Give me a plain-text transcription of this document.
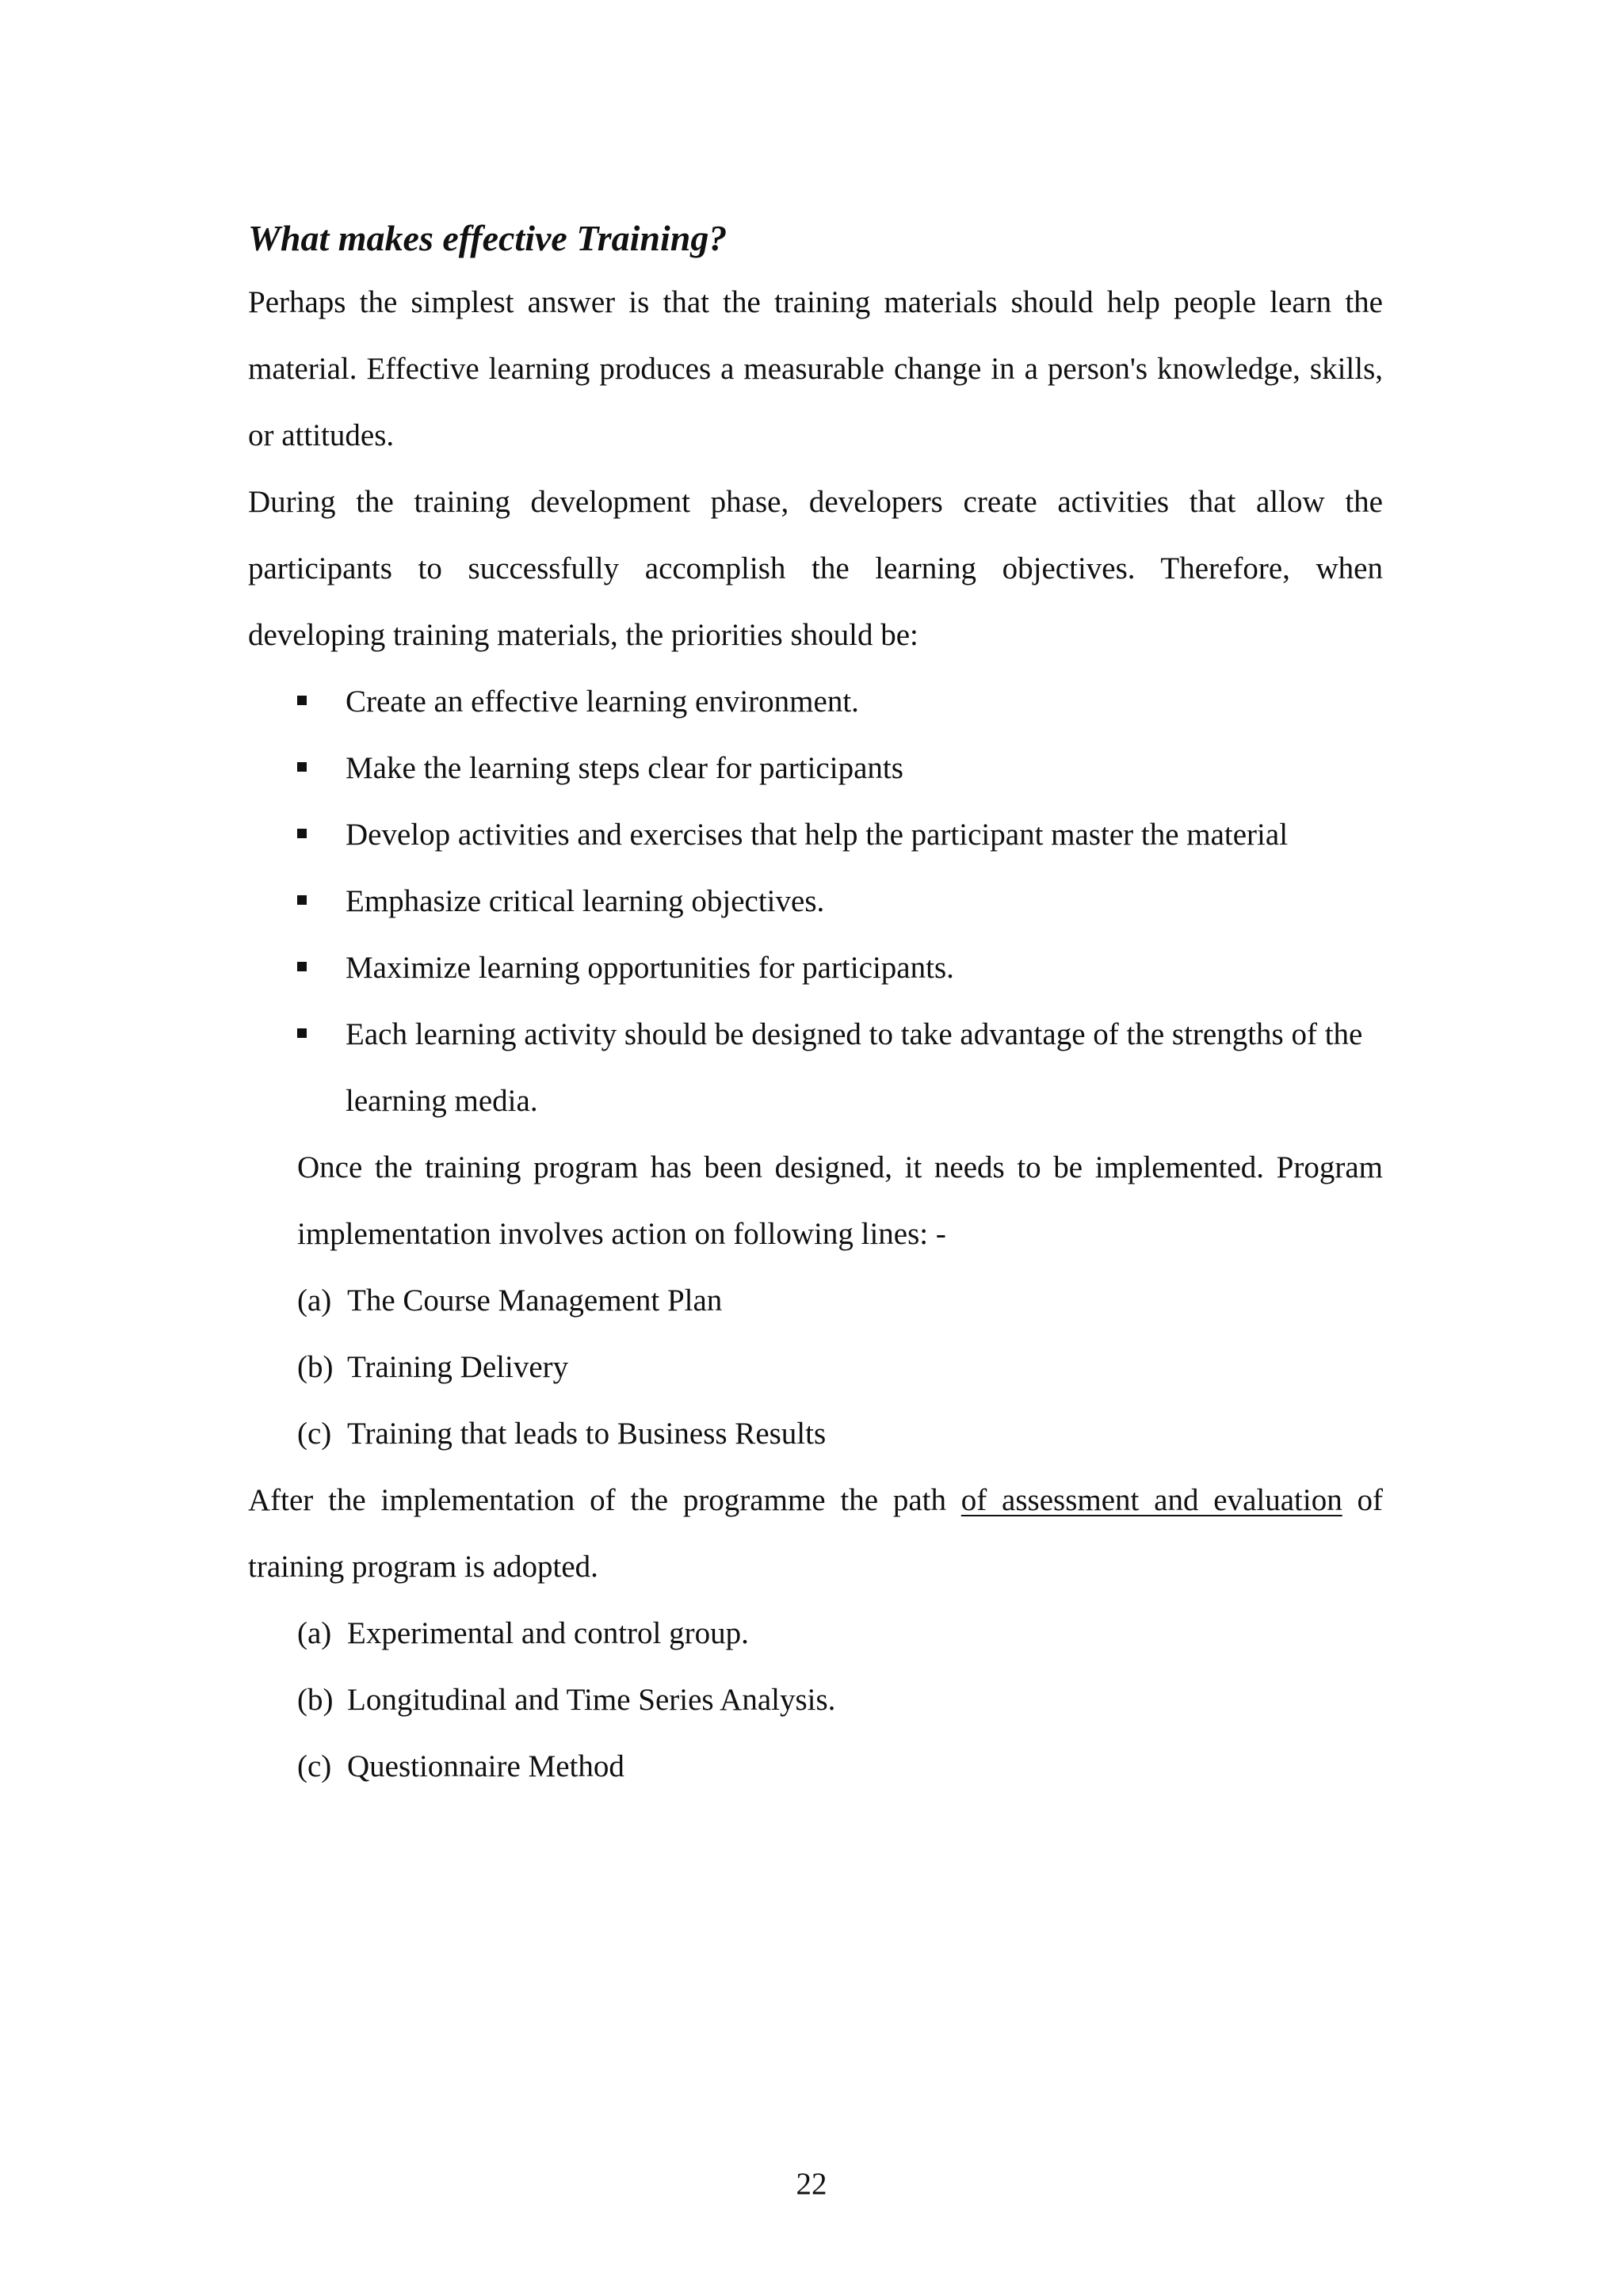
What makes effective Training?

Perhaps the simplest answer is that the training materials should help people learn the material. Effective learning produces a measurable change in a person's knowledge, skills, or attitudes.

During the training development phase, developers create activities that allow the participants to successfully accomplish the learning objectives. Therefore, when developing training materials, the priorities should be:

Create an effective learning environment.
Make the learning steps clear for participants
Develop activities and exercises that help the participant master the material
Emphasize critical learning objectives.
Maximize learning opportunities for participants.
Each learning activity should be designed to take advantage of the strengths of the learning media.

Once the training program has been designed, it needs to be implemented. Program implementation involves action on following lines: -

(a) The Course Management Plan
(b) Training Delivery
(c) Training that leads to Business Results

After the implementation of the programme the path of assessment and evaluation of training program is adopted.

(a) Experimental and control group.
(b) Longitudinal and Time Series Analysis.
(c) Questionnaire Method
22
